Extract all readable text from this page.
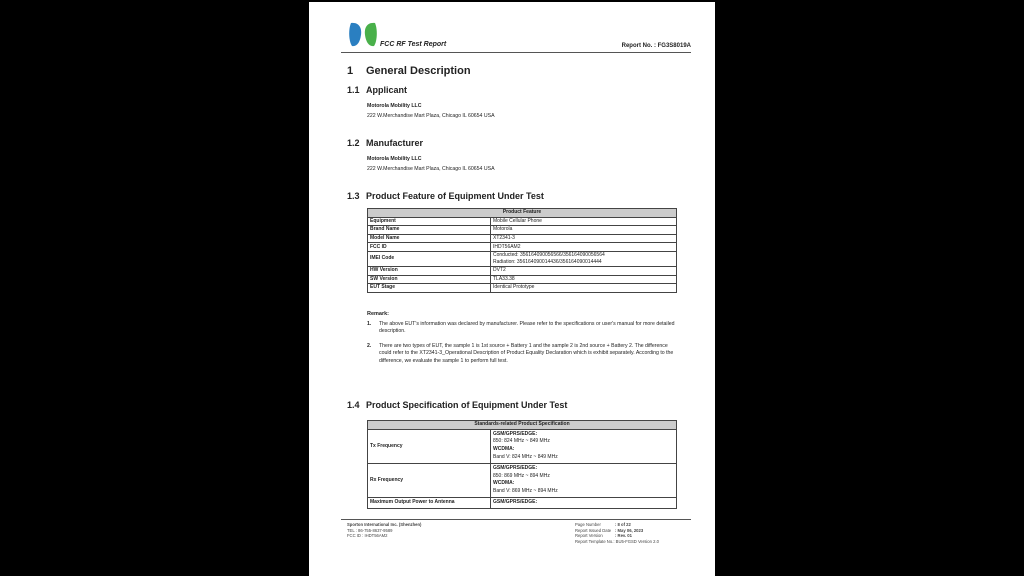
FCC RF Test Report	Report No. : FG3S8019A
1 General Description
1.1 Applicant
Motorola Mobility LLC
222 W.Merchandise Mart Plaza, Chicago IL 60654 USA
1.2 Manufacturer
Motorola Mobility LLC
222 W.Merchandise Mart Plaza, Chicago IL 60654 USA
1.3 Product Feature of Equipment Under Test
Product Feature	
Equipment	Mobile Cellular Phone
Brand Name	Motorola
Model Name	XT2341-3
FCC ID	IHDT56AM2
IMEI Code	Conducted: 356164090056566/356164090056564
Radiation: 356164090014436/356164090014444

HW Version	DVT2
SW Version	TLA33.38
EUT Stage	Identical Prototype
Remark:
1. The above EUT's information was declared by manufacturer. Please refer to the specifications or user's manual for more detailed description.
2. There are two types of EUT, the sample 1 is 1st source + Battery 1 and the sample 2 is 2nd source + Battery 2. The difference could refer to the XT2341-3_Operational Description of Product Equality Declaration which is exhibit separately. According to the difference, we evaluate the sample 1 to perform full test.
1.4 Product Specification of Equipment Under Test
Standards-related Product Specification	
Tx Frequency	GSM/GPRS/EDGE:
850: 824 MHz ~ 849 MHz
WCDMA:
Band V: 824 MHz ~ 849 MHz

Rx Frequency	GSM/GPRS/EDGE:
850: 869 MHz ~ 894 MHz
WCDMA:
Band V: 869 MHz ~ 894 MHz

Maximum Output Power to Antenna	GSM/GPRS/EDGE:
Sporton International Inc. (Shenzhen)
TEL : 86-755-8637-9589
FCC ID : IHDT56AM2
Page Number	: 8 of 22
Report Issued Date : May 06, 2023
Report Version	: Rev. 01
Report Template No.: BU5-FGSD Version 2.0
